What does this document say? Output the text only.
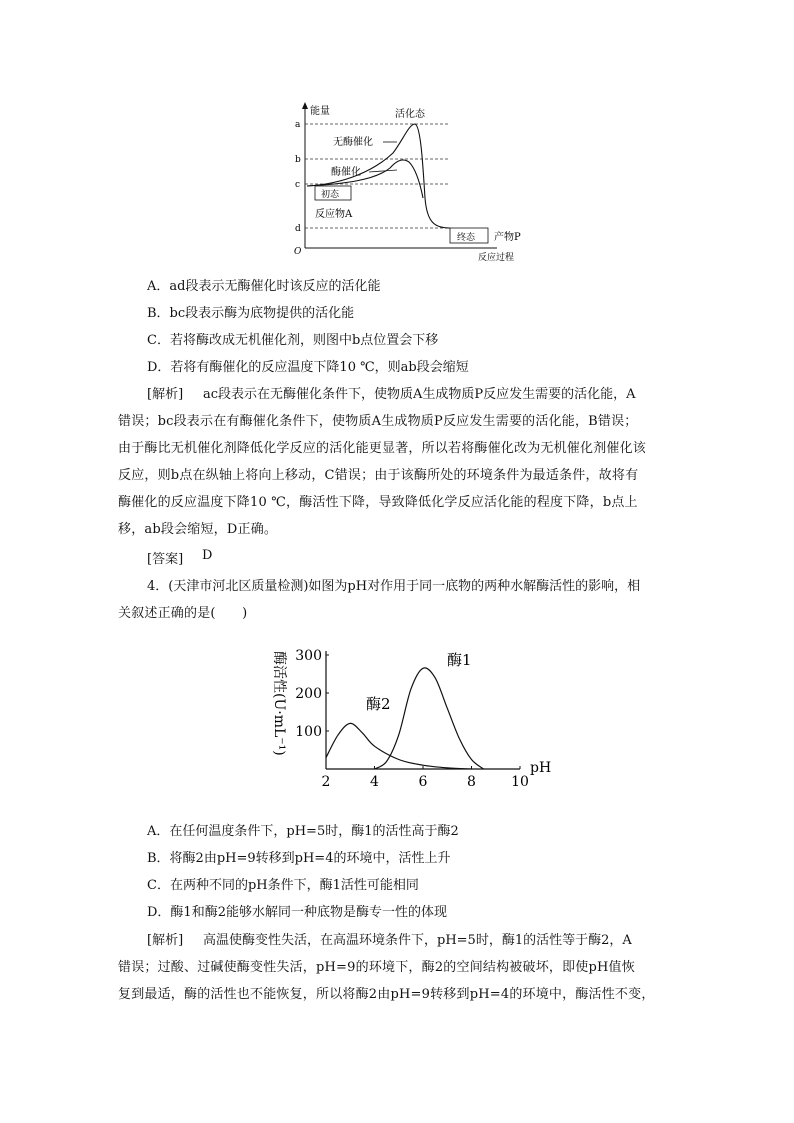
a
b
c
d
O
能量	活化态
无酶催化
酶催化
初态
反应物A
终态 产物P
反应过程
A．ad段表示无酶催化时该反应的活化能
B．bc段表示酶为底物提供的活化能
C．若将酶改成无机催化剂，则图中b点位置会下移
D．若将有酶催化的反应温度下降10 ℃，则ab段会缩短
[解析] ac段表示在无酶催化条件下，使物质A生成物质P反应发生需要的活化能，A
错误；bc段表示在有酶催化条件下，使物质A生成物质P反应发生需要的活化能，B错误；
由于酶比无机催化剂降低化学反应的活化能更显著，所以若将酶催化改为无机催化剂催化该
反应，则b点在纵轴上将向上移动，C错误；由于该酶所处的环境条件为最适条件，故将有
酶催化的反应温度下降10 ℃，酶活性下降，导致降低化学反应活化能的程度下降，b点上
移，ab段会缩短，D正确。
[答案] D
4．(天津市河北区质量检测)如图为pH对作用于同一底物的两种水解酶活性的影响，相
关叙述正确的是(　　)
2	4	6	8	10
100
200
300
酶活性(U·mL⁻¹)
pH
酶1
酶2
A．在任何温度条件下，pH=5时，酶1的活性高于酶2
B．将酶2由pH=9转移到pH=4的环境中，活性上升
C．在两种不同的pH条件下，酶1活性可能相同
D．酶1和酶2能够水解同一种底物是酶专一性的体现
[解析] 高温使酶变性失活，在高温环境条件下，pH=5时，酶1的活性等于酶2，A
错误；过酸、过碱使酶变性失活，pH=9的环境下，酶2的空间结构被破坏，即使pH值恢
复到最适，酶的活性也不能恢复，所以将酶2由pH=9转移到pH=4的环境中，酶活性不变，
